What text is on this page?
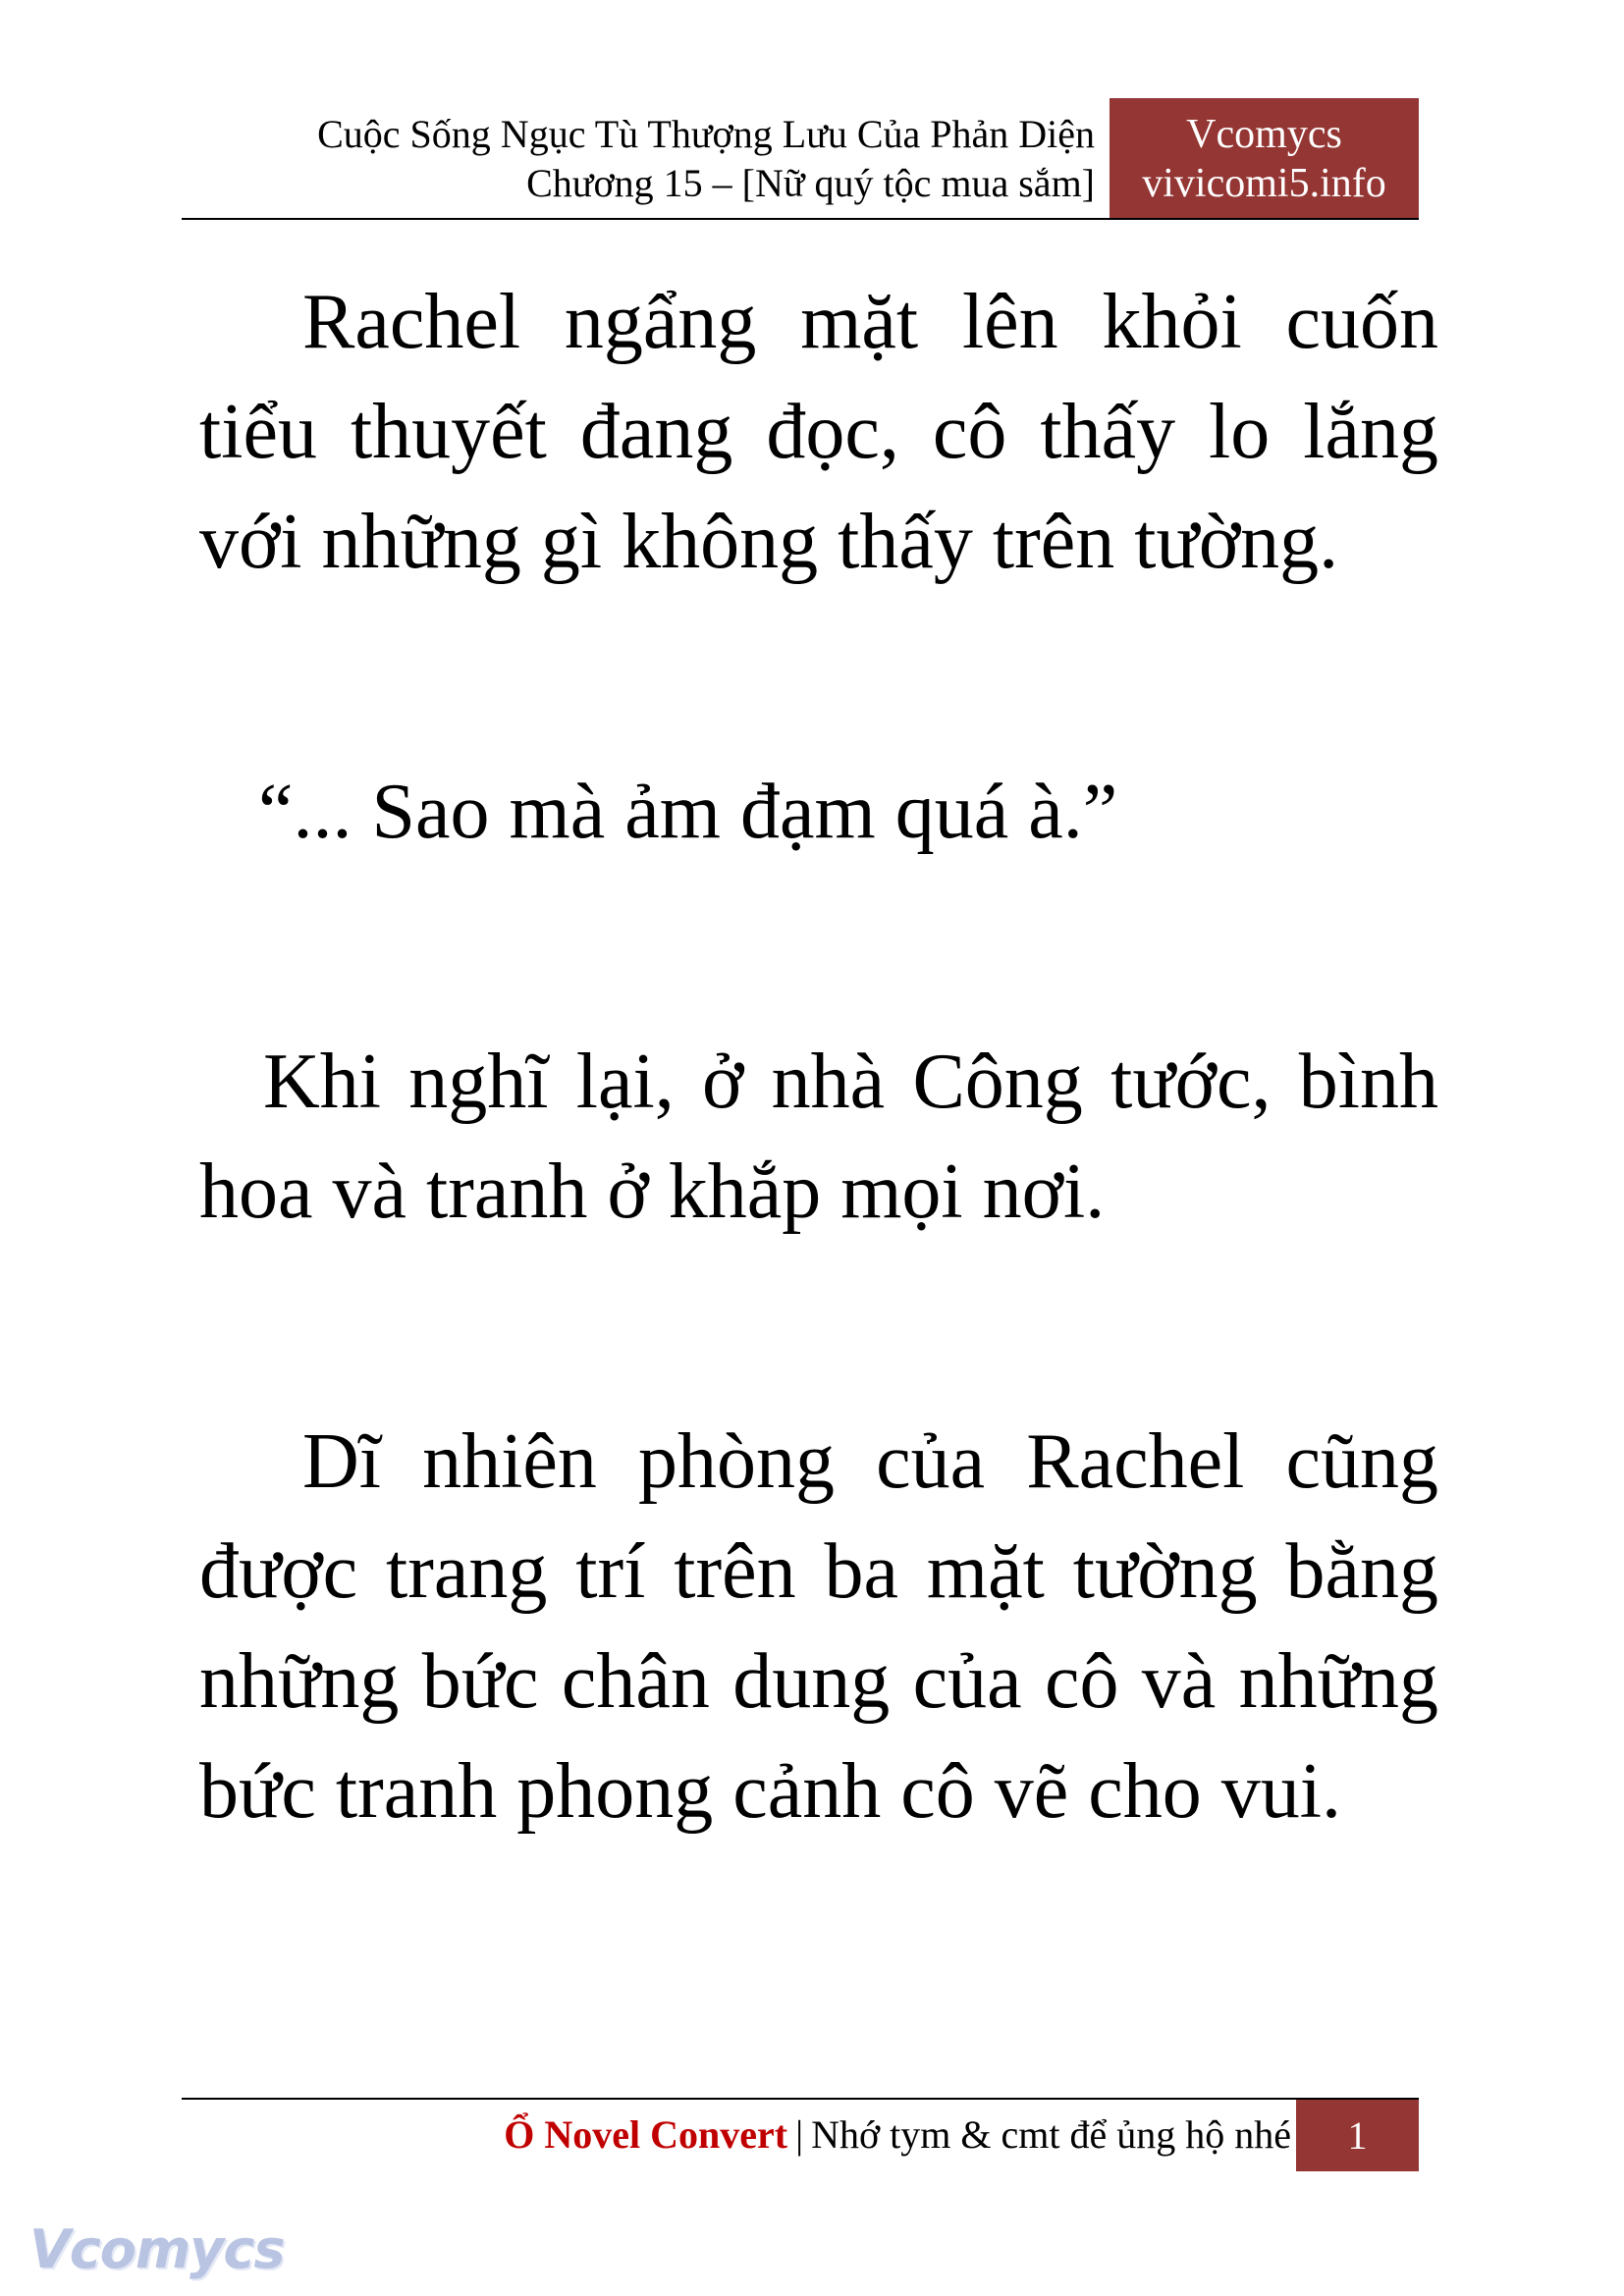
Cuộc Sống Ngục Tù Thượng Lưu Của Phản Diện
Chương 15 – [Nữ quý tộc mua sắm]
Vcomycs
vivicomi5.info

Rachel ngẩng mặt lên khỏi cuốn tiểu thuyết đang đọc, cô thấy lo lắng với những gì không thấy trên tường.

“... Sao mà ảm đạm quá à.”

Khi nghĩ lại, ở nhà Công tước, bình hoa và tranh ở khắp mọi nơi.

Dĩ nhiên phòng của Rachel cũng được trang trí trên ba mặt tường bằng những bức chân dung của cô và những bức tranh phong cảnh cô vẽ cho vui.

Ổ Novel Convert | Nhớ tym & cmt để ủng hộ nhé	1
Vcomycs
